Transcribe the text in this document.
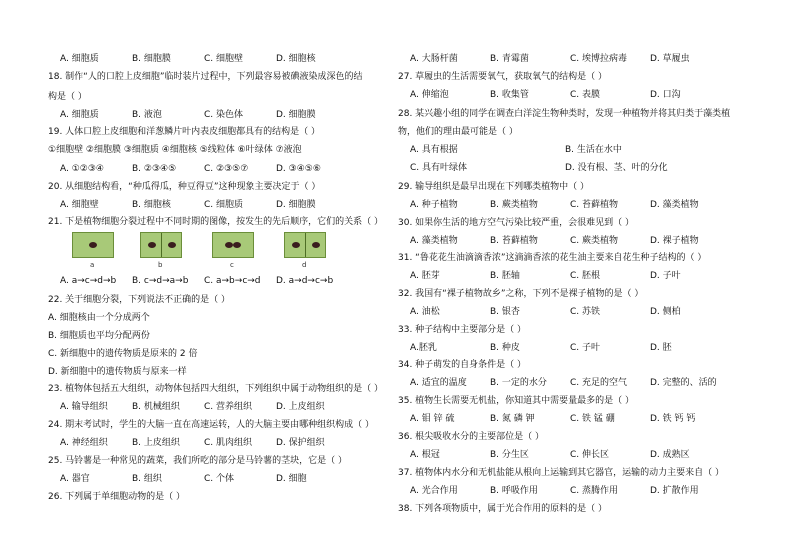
A. 细胞质	B. 细胞膜	C. 细胞壁	D. 细胞核
18. 制作“人的口腔上皮细胞”临时装片过程中，下列最容易被碘液染成深色的结
构是（ ）
A. 细胞质	B. 液泡	C. 染色体	D. 细胞膜
19. 人体口腔上皮细胞和洋葱鳞片叶内表皮细胞都具有的结构是（ ）
①细胞壁 ②细胞膜 ③细胞质 ④细胞核 ⑤线粒体 ⑥叶绿体 ⑦液泡
A. ①②③④	B. ②③④⑤	C. ②③⑤⑦	D. ③④⑤⑥
20. 从细胞结构看，“种瓜得瓜，种豆得豆”这种现象主要决定于（ ）
A. 细胞壁	B. 细胞核	C. 细胞质	D. 细胞膜
21. 下是植物细胞分裂过程中不同时期的图像，按发生的先后顺序，它们的关系（ ）
A. a→c→d→b B. c→d→a→b C. a→b→c→d D. a→d→c→b
22. 关于细胞分裂，下列说法不正确的是（ ）
A. 细胞核由一个分成两个
B. 细胞质也平均分配两份
C. 新细胞中的遗传物质是原来的 2 倍
D. 新细胞中的遗传物质与原来一样
23. 植物体包括五大组织，动物体包括四大组织，下列组织中属于动物组织的是（ ）
A. 输导组织	B. 机械组织	C. 营养组织	D. 上皮组织
24. 期末考试时，学生的大脑一直在高速运转，人的大脑主要由哪种组织构成（ ）
A. 神经组织	B. 上皮组织	C. 肌肉组织	D. 保护组织
25. 马铃薯是一种常见的蔬菜，我们所吃的部分是马铃薯的茎块，它是（ ）
A. 器官	B. 组织	C. 个体	D. 细胞
26. 下列属于单细胞动物的是（ ）
a	b	c	d
A. 大肠杆菌	B. 青霉菌	C. 埃博拉病毒	D. 草履虫
27. 草履虫的生活需要氧气，获取氧气的结构是（ ）
A. 伸缩泡	B. 收集管	C. 表膜	D. 口沟
28. 某兴趣小组的同学在调查白洋淀生物种类时，发现一种植物并将其归类于藻类植
物，他们的理由最可能是（ ）
A. 具有根据	B. 生活在水中
C. 具有叶绿体	D. 没有根、茎、叶的分化
29. 输导组织是最早出现在下列哪类植物中（ ）
A. 种子植物	B. 蕨类植物	C. 苔藓植物	D. 藻类植物
30. 如果你生活的地方空气污染比较严重，会很难见到（ ）
A. 藻类植物	B. 苔藓植物	C. 蕨类植物	D. 裸子植物
31. “鲁花花生油滴滴香浓”这滴滴香浓的花生油主要来自花生种子结构的（ ）
A. 胚芽	B. 胚轴	C. 胚根	D. 子叶
32. 我国有“裸子植物故乡”之称，下列不是裸子植物的是（ ）
A. 油松	B. 银杏	C. 苏铁	D. 侧柏
33. 种子结构中主要部分是（ ）
A.胚乳	B. 种皮	C. 子叶	D. 胚
34. 种子萌发的自身条件是（ ）
A. 适宜的温度	B. 一定的水分	C. 充足的空气	D. 完整的、活的
35. 植物生长需要无机盐，你知道其中需要量最多的是（ ）
A. 钼 锌 硫	B. 氮 磷 钾	C. 铁 锰 硼	D. 铁 钙 钙
36. 根尖吸收水分的主要部位是（ ）
A. 根冠	B. 分生区	C. 伸长区	D. 成熟区
37. 植物体内水分和无机盐能从根向上运输到其它器官，运输的动力主要来自（ ）
A. 光合作用	B. 呼吸作用	C. 蒸腾作用	D. 扩散作用
38. 下列各项物质中，属于光合作用的原料的是（ ）
